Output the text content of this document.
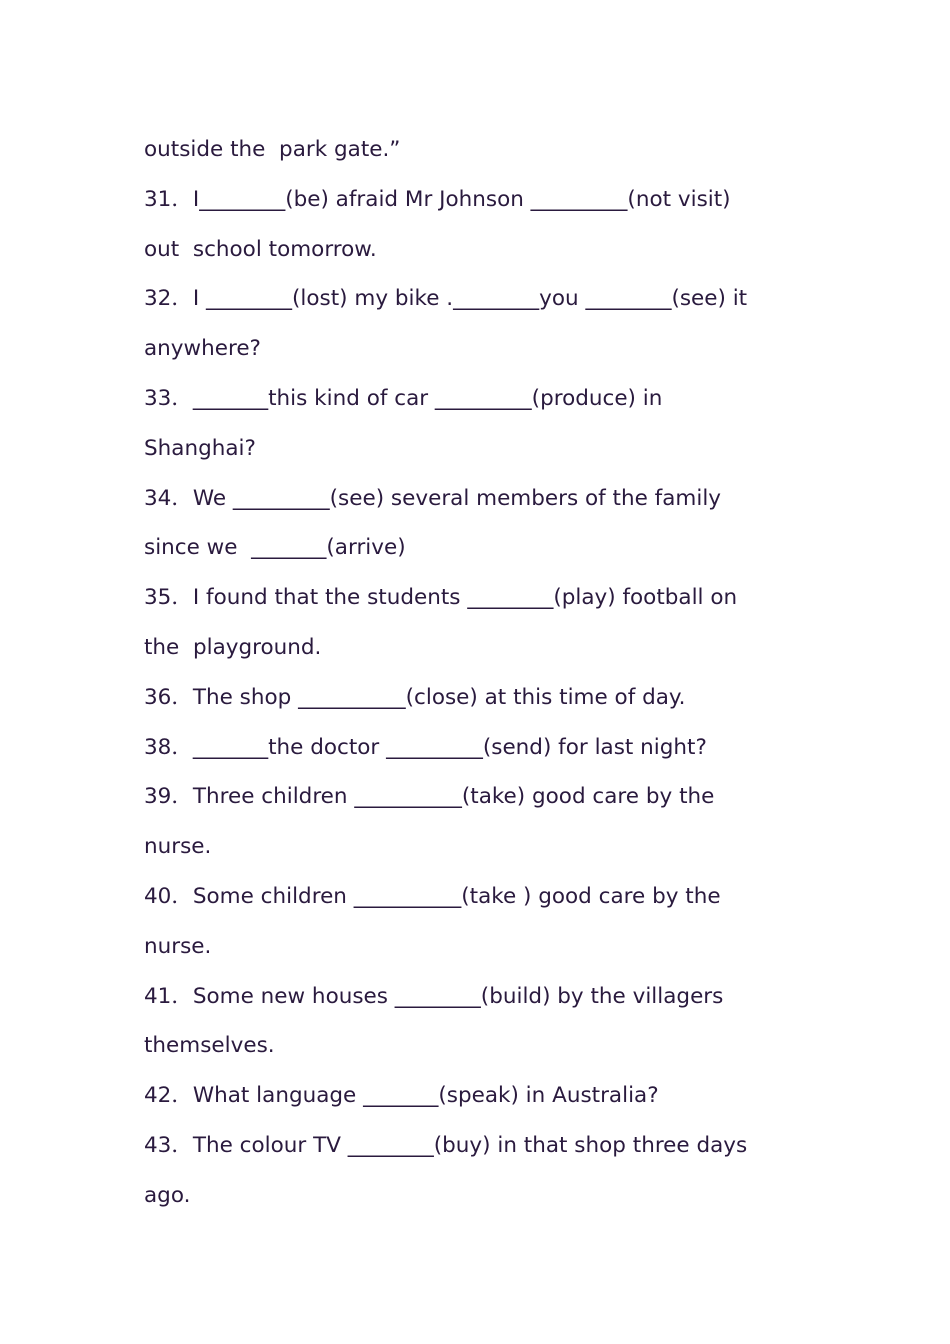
outside the  park gate.”
31．I________(be) afraid Mr Johnson _________(not visit)
out  school tomorrow.
32．I ________(lost) my bike .________you ________(see) it
anywhere?
33．_______this kind of car _________(produce) in
Shanghai?
34．We _________(see) several members of the family
since we  _______(arrive)
35．I found that the students ________(play) football on
the  playground.
36．The shop __________(close) at this time of day.
38．_______the doctor _________(send) for last night?
39．Three children __________(take) good care by the
nurse.
40．Some children __________(take ) good care by the
nurse.
41．Some new houses ________(build) by the villagers
themselves.
42．What language _______(speak) in Australia?
43．The colour TV ________(buy) in that shop three days
ago.
